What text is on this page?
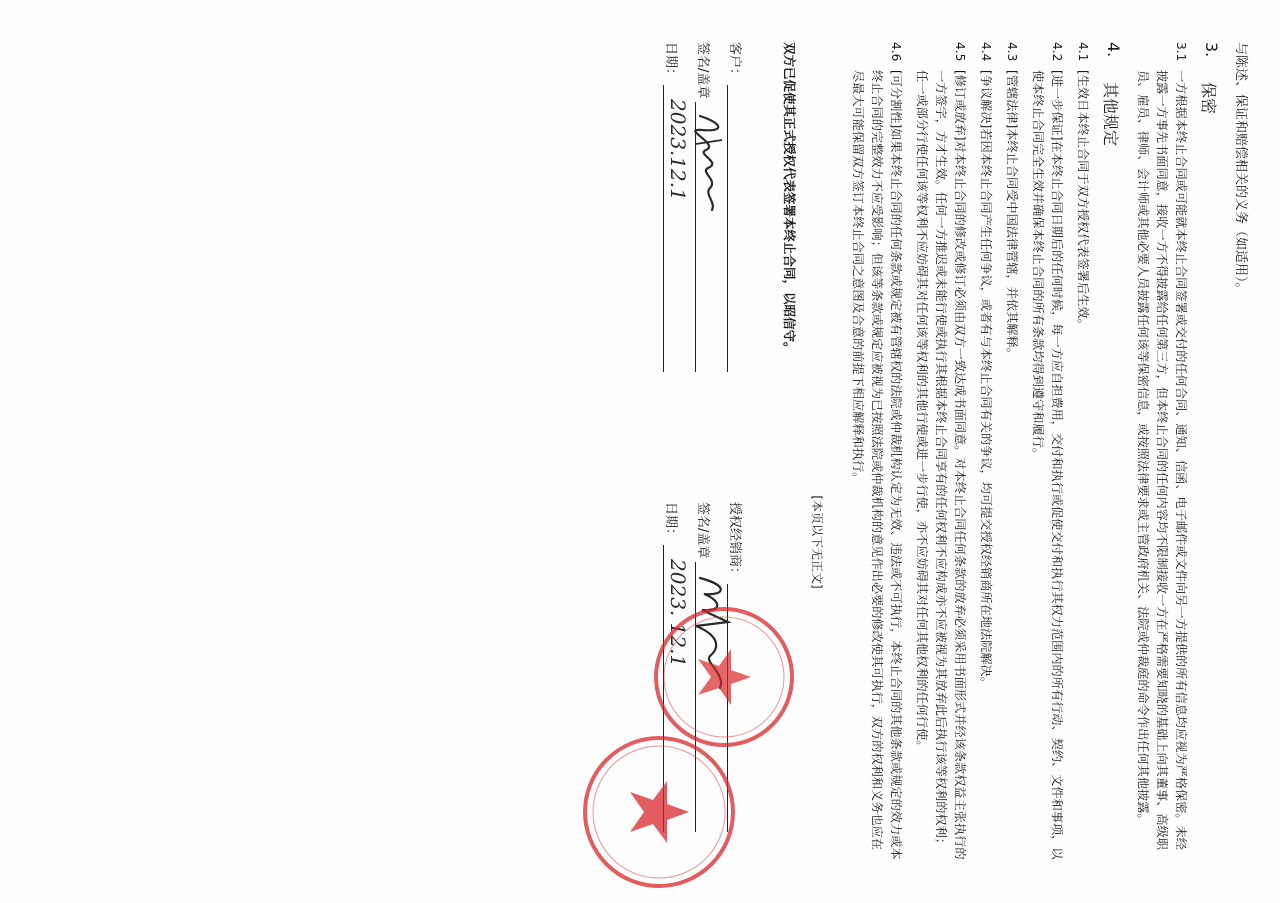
与陈述、保证和赔偿相关的义务（如适用）。
3.
保密
3.1
一方根据本终止合同或可能就本终止合同签署或交付的任何合同、通知、信函、电子邮件或文件向另一方提供的所有信息均应视为严格保密。未经披露一方事先书面同意，接收一方不得披露给任何第三方，但本终止合同的任何内容均不限制接收一方在严格需要知晓的基础上向其董事、高级职员、雇员、律师、会计师或其他必要人员披露任何该等保密信息，或按照法律要求或主管政府机关、法院或仲裁庭的命令作出任何其他披露。
4.
其他规定
4.1
[生效日本终止合同于双方授权代表签署后生效。
4.2
[进一步保证]在本终止合同日期后的任何时候，每一方应自担费用，交付和执行或促使交付和执行其权力范围内的所有行动、契约、文件和事项，以使本终止合同完全生效并确保本终止合同的所有条款均得到遵守和履行。
4.3
[管辖法律]本终止合同受中国法律管辖，并依其解释。
4.4
[争议解决]若因本终止合同产生任何争议，或者有与本终止合同有关的争议，均可提交授权经销商所在地法院解决。
4.5
[修订或放弃]对本终止合同的修改或修订必须由双方一致达成书面同意。对本终止合同任何条款的放弃必须采用书面形式并经该条款权益主张执行的一方签字，方才生效。任何一方推迟或未能行使或执行其根据本终止合同享有的任何权利不应构成亦不应被视为其放弃此后执行该等权利的权利；任一或部分行使任何该等权利不应妨碍其对任何该等权利的其他行使或进一步行使，亦不应妨碍其对任何其他权利的任何行使。
4.6
[可分割性]如果本终止合同的任何条款或规定被有管辖权的法院或仲裁机构认定为无效、违法或不可执行，本终止合同的其他条款或规定的效力或本终止合同的完整效力不应受影响；但该等条款或规定应被视为已按照法院或仲裁机构的意见作出必要的修改使其可执行，双方的权利和义务也应在尽最大可能保留双方签订本终止合同之意图及合意的前提下相应解释和执行。
[本页以下无正文]
双方已促使其正式授权代表签署本终止合同，以昭信守。
客户：
签名/盖章
日期：
2023.12.1
授权经销商：
签名/盖章
日期：
2023. 12.1
